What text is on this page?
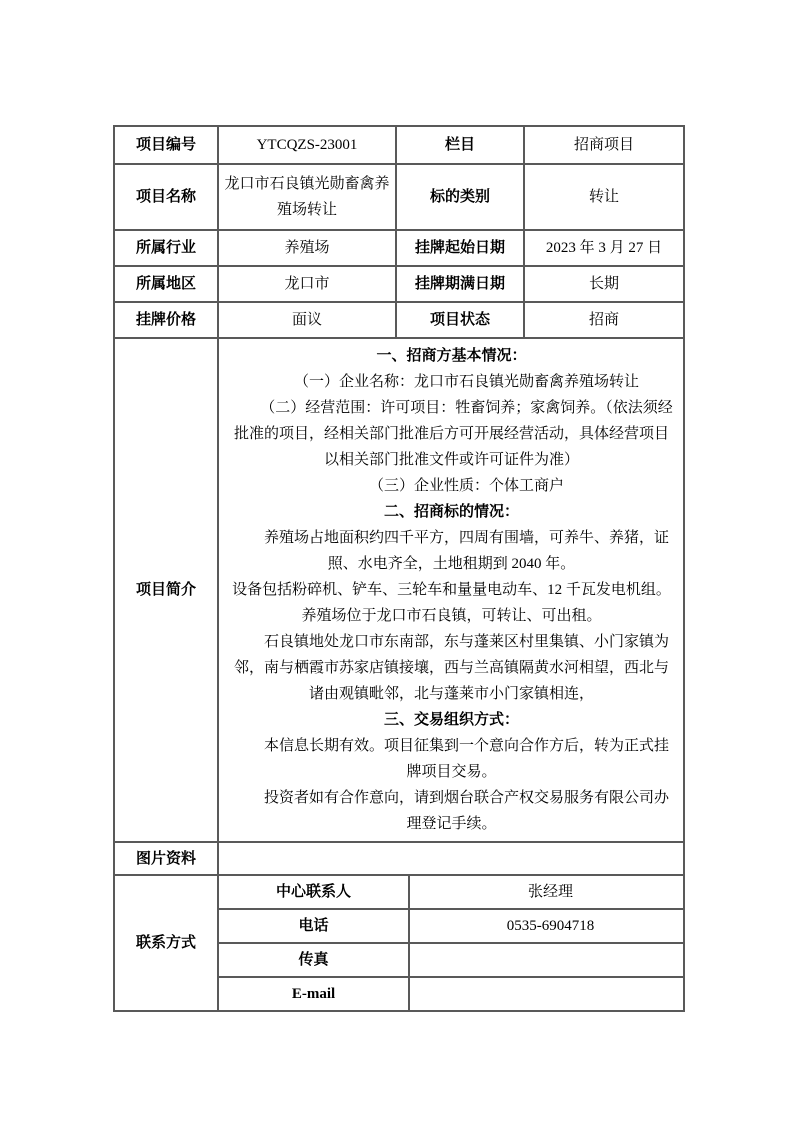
项目编号	YTCQZS-23001	栏目		招商项目
项目名称	龙口市石良镇光勋畜禽养殖场转让	标的类别		转让
所属行业	养殖场	挂牌起始日期		2023 年 3 月 27 日
所属地区	龙口市	挂牌期满日期		长期
挂牌价格	面议	项目状态		招商
项目简介	

一、招商方基本情况：

（一）企业名称：龙口市石良镇光勋畜禽养殖场转让

（二）经营范围：许可项目：牲畜饲养；家禽饲养。（依法须经批准的项目，经相关部门批准后方可开展经营活动，具体经营项目以相关部门批准文件或许可证件为准）

（三）企业性质：个体工商户

二、招商标的情况：

养殖场占地面积约四千平方，四周有围墙，可养牛、养猪，证照、水电齐全，土地租期到 2040 年。

设备包括粉碎机、铲车、三轮车和量量电动车、12 千瓦发电机组。

养殖场位于龙口市石良镇，可转让、可出租。

石良镇地处龙口市东南部，东与蓬莱区村里集镇、小门家镇为邻，南与栖霞市苏家店镇接壤，西与兰高镇隔黄水河相望，西北与诸由观镇毗邻，北与蓬莱市小门家镇相连，

三、交易组织方式：

本信息长期有效。项目征集到一个意向合作方后，转为正式挂牌项目交易。

投资者如有合作意向，请到烟台联合产权交易服务有限公司办理登记手续。

图片资料				
联系方式	中心联系人		张经理	
	电话		0535-6904718	
	传真			
	E-mail			
